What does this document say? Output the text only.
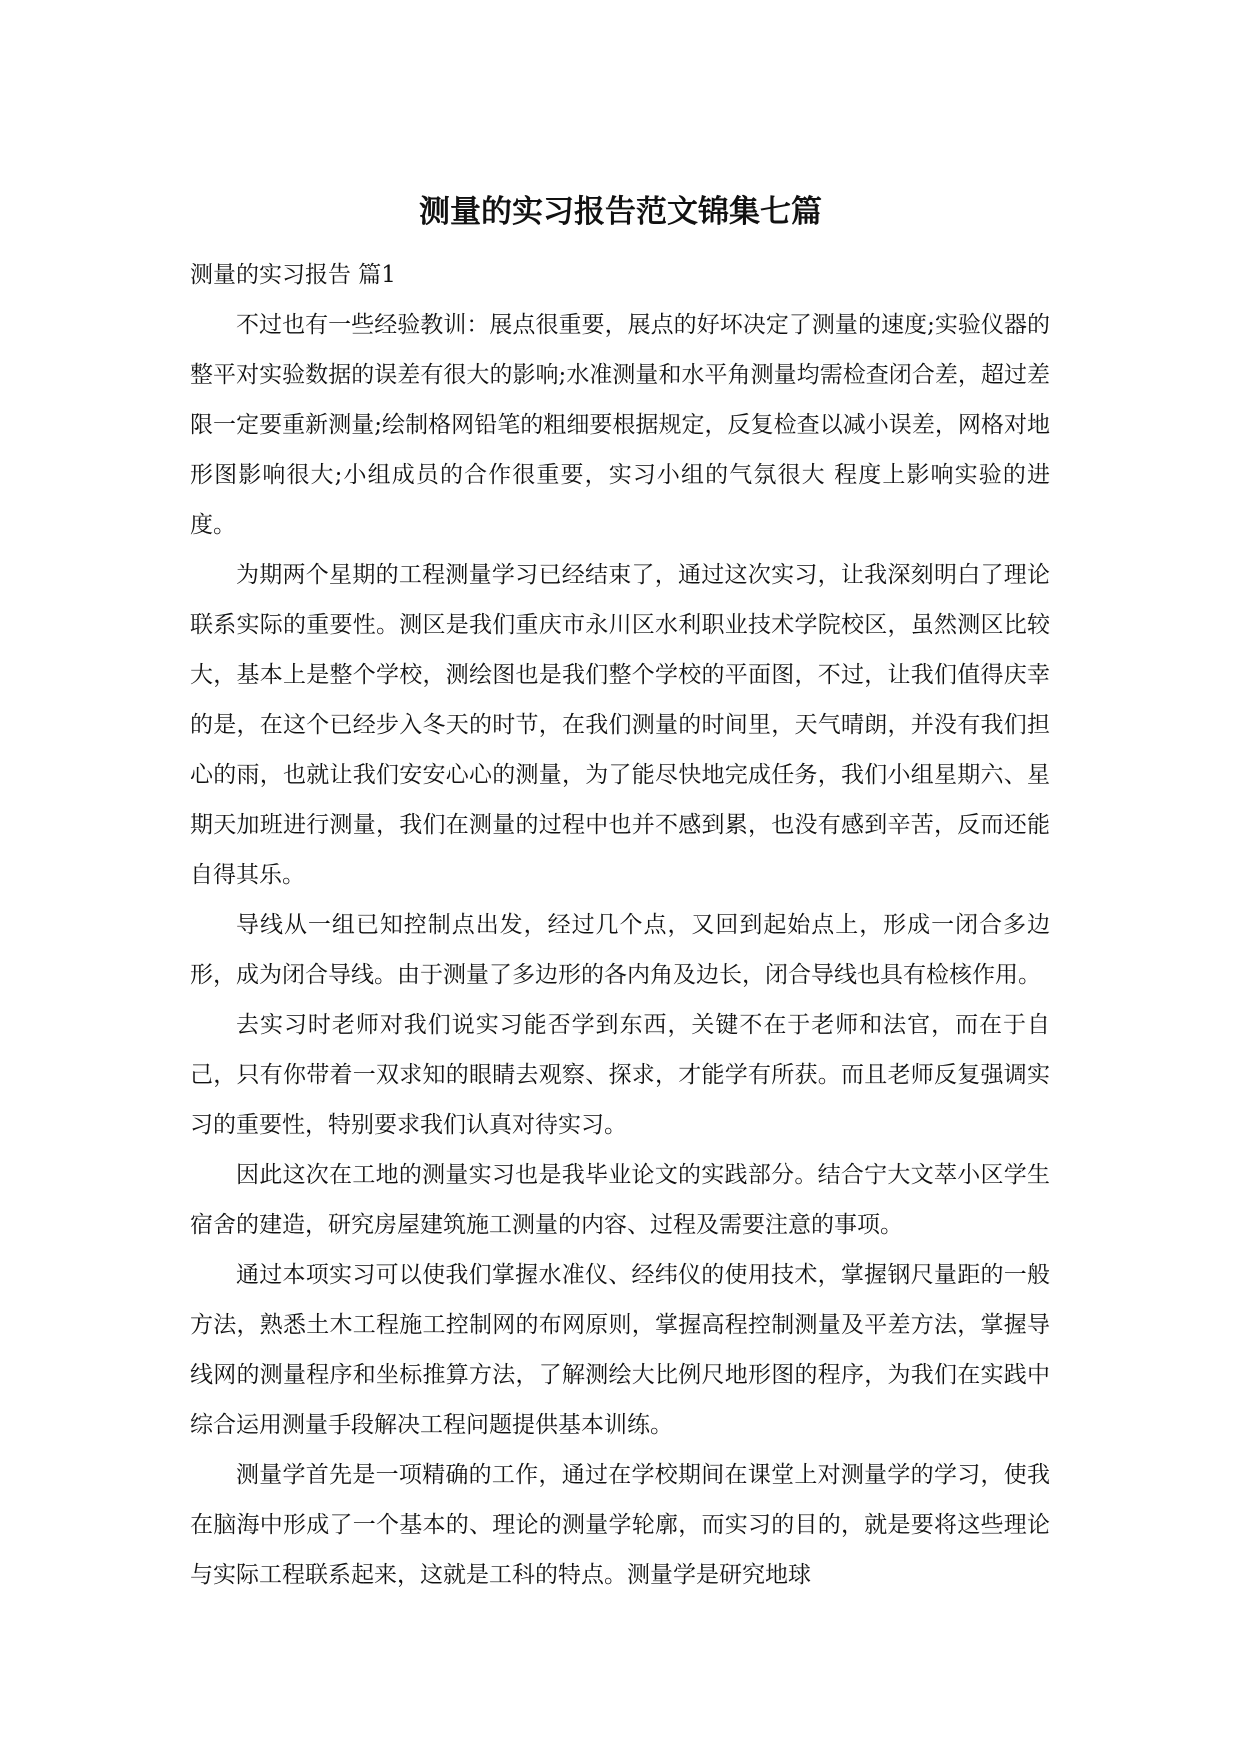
测量的实习报告范文锦集七篇

测量的实习报告 篇1

不过也有一些经验教训：展点很重要，展点的好坏决定了测量的速度;实验仪器的整平对实验数据的误差有很大的影响;水准测量和水平角测量均需检查闭合差，超过差限一定要重新测量;绘制格网铅笔的粗细要根据规定，反复检查以减小误差，网格对地形图影响很大;小组成员的合作很重要，实习小组的气氛很大 程度上影响实验的进度。

为期两个星期的工程测量学习已经结束了，通过这次实习，让我深刻明白了理论联系实际的重要性。测区是我们重庆市永川区水利职业技术学院校区，虽然测区比较大，基本上是整个学校，测绘图也是我们整个学校的平面图，不过，让我们值得庆幸的是，在这个已经步入冬天的时节，在我们测量的时间里，天气晴朗，并没有我们担心的雨，也就让我们安安心心的测量，为了能尽快地完成任务，我们小组星期六、星期天加班进行测量，我们在测量的过程中也并不感到累，也没有感到辛苦，反而还能自得其乐。

导线从一组已知控制点出发，经过几个点，又回到起始点上，形成一闭合多边形，成为闭合导线。由于测量了多边形的各内角及边长，闭合导线也具有检核作用。

去实习时老师对我们说实习能否学到东西，关键不在于老师和法官，而在于自己，只有你带着一双求知的眼睛去观察、探求，才能学有所获。而且老师反复强调实习的重要性，特别要求我们认真对待实习。

因此这次在工地的测量实习也是我毕业论文的实践部分。结合宁大文萃小区学生宿舍的建造，研究房屋建筑施工测量的内容、过程及需要注意的事项。

通过本项实习可以使我们掌握水准仪、经纬仪的使用技术，掌握钢尺量距的一般方法，熟悉土木工程施工控制网的布网原则，掌握高程控制测量及平差方法，掌握导线网的测量程序和坐标推算方法，了解测绘大比例尺地形图的程序，为我们在实践中综合运用测量手段解决工程问题提供基本训练。

测量学首先是一项精确的工作，通过在学校期间在课堂上对测量学的学习，使我在脑海中形成了一个基本的、理论的测量学轮廓，而实习的目的，就是要将这些理论与实际工程联系起来，这就是工科的特点。测量学是研究地球
